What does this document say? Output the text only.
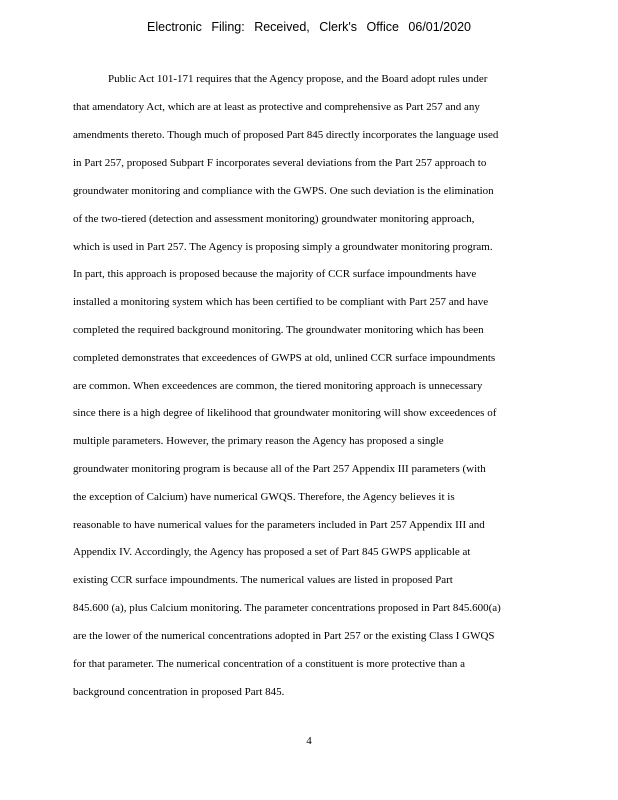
Electronic Filing: Received, Clerk's Office 06/01/2020
Public Act 101-171 requires that the Agency propose, and the Board adopt rules under
that amendatory Act, which are at least as protective and comprehensive as Part 257 and any
amendments thereto. Though much of proposed Part 845 directly incorporates the language used
in Part 257, proposed Subpart F incorporates several deviations from the Part 257 approach to
groundwater monitoring and compliance with the GWPS. One such deviation is the elimination
of the two-tiered (detection and assessment monitoring) groundwater monitoring approach,
which is used in Part 257. The Agency is proposing simply a groundwater monitoring program.
In part, this approach is proposed because the majority of CCR surface impoundments have
installed a monitoring system which has been certified to be compliant with Part 257 and have
completed the required background monitoring. The groundwater monitoring which has been
completed demonstrates that exceedences of GWPS at old, unlined CCR surface impoundments
are common. When exceedences are common, the tiered monitoring approach is unnecessary
since there is a high degree of likelihood that groundwater monitoring will show exceedences of
multiple parameters. However, the primary reason the Agency has proposed a single
groundwater monitoring program is because all of the Part 257 Appendix III parameters (with
the exception of Calcium) have numerical GWQS. Therefore, the Agency believes it is
reasonable to have numerical values for the parameters included in Part 257 Appendix III and
Appendix IV. Accordingly, the Agency has proposed a set of Part 845 GWPS applicable at
existing CCR surface impoundments. The numerical values are listed in proposed Part
845.600 (a), plus Calcium monitoring. The parameter concentrations proposed in Part 845.600(a)
are the lower of the numerical concentrations adopted in Part 257 or the existing Class I GWQS
for that parameter. The numerical concentration of a constituent is more protective than a
background concentration in proposed Part 845.
4
